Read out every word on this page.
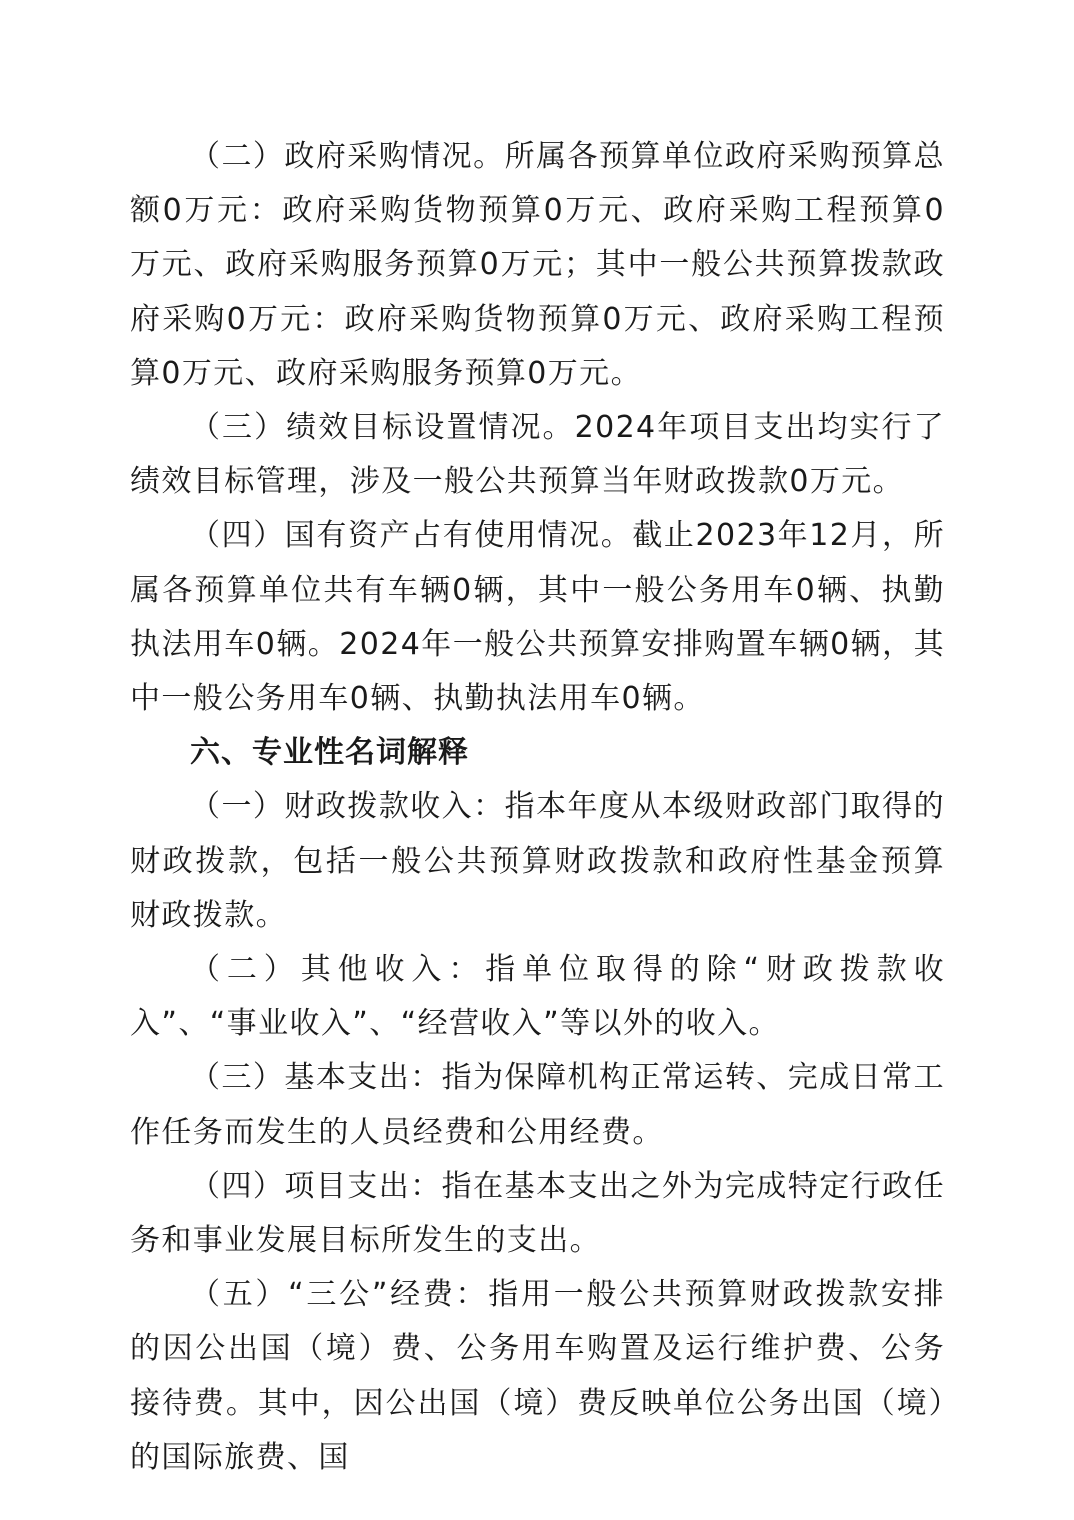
（二）政府采购情况。所属各预算单位政府采购预算总额0万元：政府采购货物预算0万元、政府采购工程预算0万元、政府采购服务预算0万元；其中一般公共预算拨款政府采购0万元：政府采购货物预算0万元、政府采购工程预算0万元、政府采购服务预算0万元。

（三）绩效目标设置情况。2024年项目支出均实行了绩效目标管理，涉及一般公共预算当年财政拨款0万元。

（四）国有资产占有使用情况。截止2023年12月，所属各预算单位共有车辆0辆，其中一般公务用车0辆、执勤执法用车0辆。2024年一般公共预算安排购置车辆0辆，其中一般公务用车0辆、执勤执法用车0辆。

六、专业性名词解释

（一）财政拨款收入：指本年度从本级财政部门取得的财政拨款，包括一般公共预算财政拨款和政府性基金预算财政拨款。

（二）其他收入：指单位取得的除“财政拨款收入”、“事业收入”、“经营收入”等以外的收入。

（三）基本支出：指为保障机构正常运转、完成日常工作任务而发生的人员经费和公用经费。

（四）项目支出：指在基本支出之外为完成特定行政任务和事业发展目标所发生的支出。

（五）“三公”经费：指用一般公共预算财政拨款安排的因公出国（境）费、公务用车购置及运行维护费、公务接待费。其中，因公出国（境）费反映单位公务出国（境）的国际旅费、国
